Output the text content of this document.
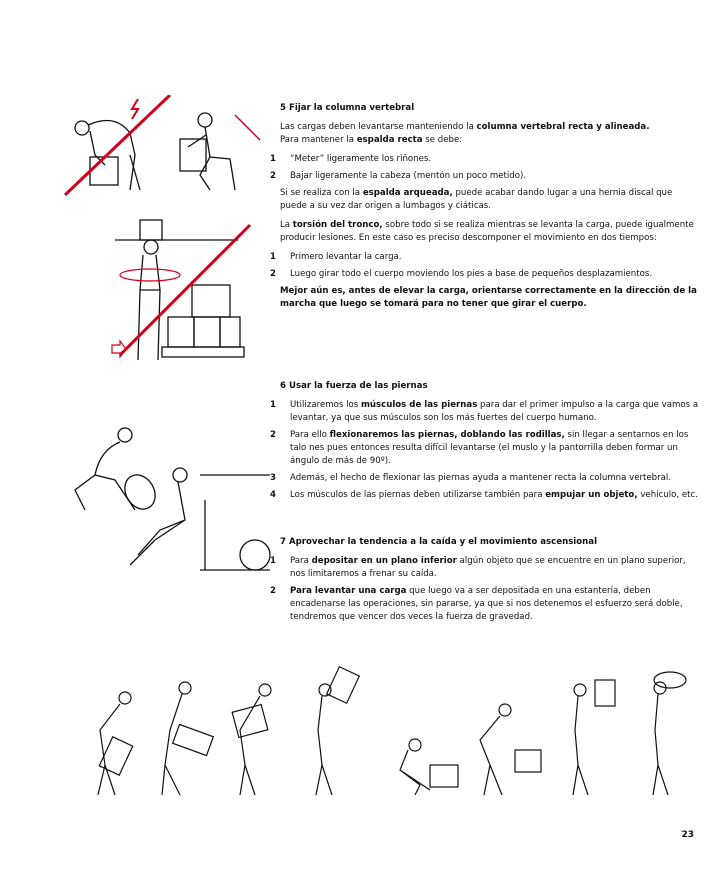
5 Fijar la columna vertebral

Las cargas deben levantarse manteniendo la columna vertebral recta y alineada.
Para mantener la espalda recta se debe:

1 “Meter” ligeramente los riñones.
2 Bajar ligeramente la cabeza (mentón un poco metido).

Si se realiza con la espalda arqueada, puede acabar dando lugar a una hernia discal que puede a su vez dar origen a lumbagos y ciáticas.

La torsión del tronco, sobre todo si se realiza mientras se levanta la carga, puede igualmente producir lesiones. En este caso es preciso descomponer el movimiento en dos tiempos:

1 Primero levantar la carga.
2 Luego girar todo el cuerpo moviendo los pies a base de pequeños desplazamientos.

Mejor aún es, antes de elevar la carga, orientarse correctamente en la dirección de la marcha que luego se tomará para no tener que girar el cuerpo.

6 Usar la fuerza de las piernas
1 Utilizaremos los músculos de las piernas para dar el primer impulso a la carga que vamos a levantar, ya que sus músculos son los más fuertes del cuerpo humano.
2 Para ello flexionaremos las piernas, doblando las rodillas, sin llegar a sentarnos en los talo nes pues entonces resulta difícil levantarse (el muslo y la pantorrilla deben formar un ángulo de más de 90º).
3 Además, el hecho de flexionar las piernas ayuda a mantener recta la columna vertebral.
4 Los músculos de las piernas deben utilizarse también para empujar un objeto, vehículo, etc.
7 Aprovechar la tendencia a la caída y el movimiento ascensional
1 Para depositar en un plano inferior algún objeto que se encuentre en un plano superior, nos limitaremos a frenar su caída.
2 Para levantar una carga que luego va a ser depositada en una estantería, deben encadenarse las operaciones, sin pararse, ya que si nos detenemos el esfuerzo será doble, tendremos que vencer dos veces la fuerza de gravedad.
23
